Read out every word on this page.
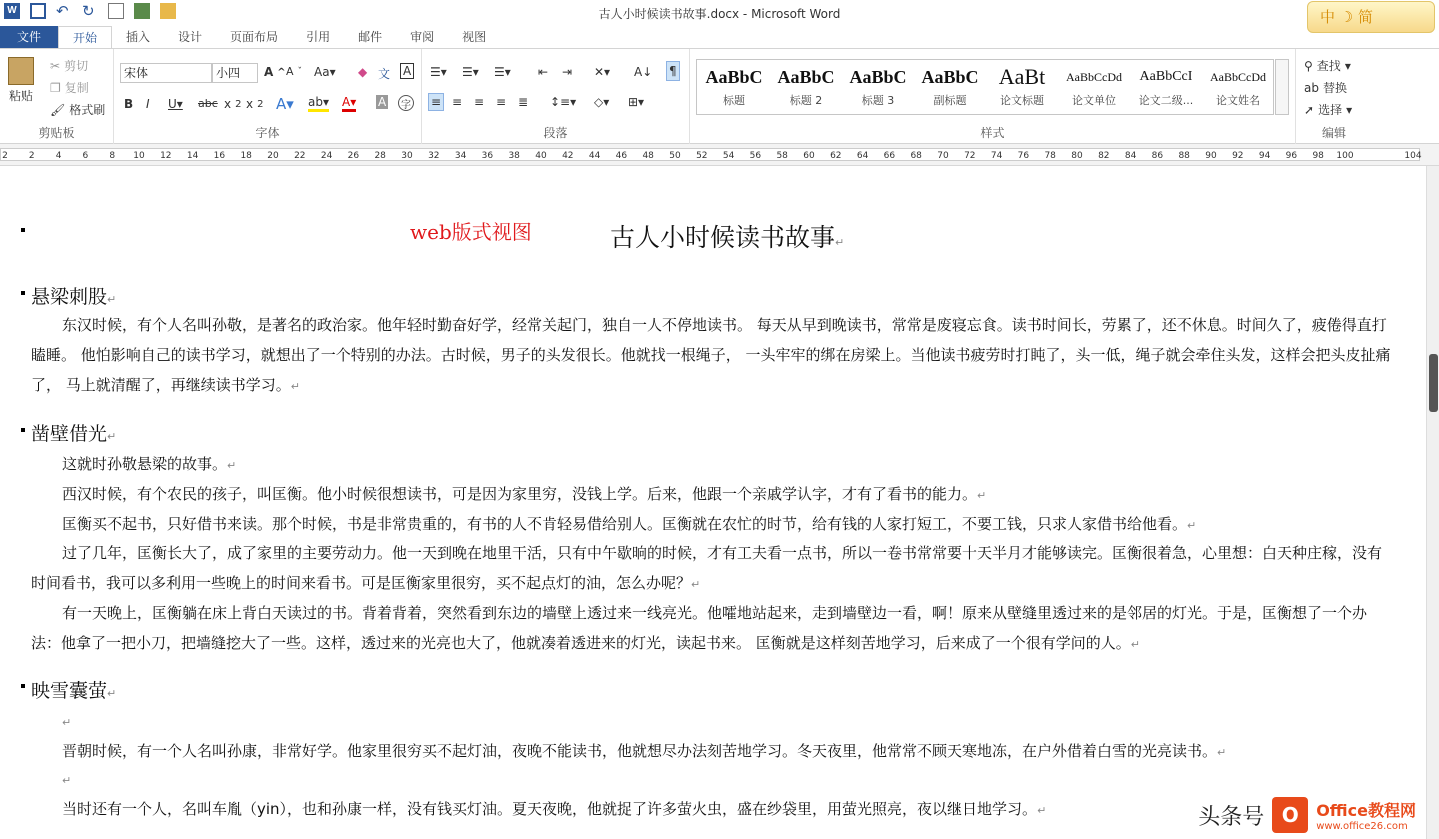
W	↶ ↻	古人小时候读书故事.docx - Microsoft Word	中 ☽ 简
文件	开始	插入	设计	页面布局	引用	邮件	审阅	视图
粘贴
✂ 剪切
❐ 复制
🖌 格式刷
剪贴板
宋体	小四	A ^ A ˇ Aa▾ ◆ 文 A
B I U▾ abc x 2 x 2 A▾ ab▾ A▾ A	字
字体
☰▾ ☰▾ ☰▾ ⇤ ⇥ ✕▾ A↓ ¶
≡ ≡ ≡ ≡ ≣ ↕≡▾ ◇▾ ⊞▾
段落
AaBbC
标题
AaBbC
标题 2
AaBbC
标题 3
AaBbC
副标题
AaBt
论文标题
AaBbCcDd
论文单位
AaBbCcI
论文二级...
AaBbCcDd
论文姓名
样式
⚲ 查找 ▾
ab 替换
➚ 选择 ▾
编辑
2 2 4 6 8 10 12 14 16 18 20 22 24 26 28 30 32 34 36 38 40 42 44 46 48 50 52 54 56 58 60 62 64 66 68 70 72 74 76 78 80 82 84 86 88 90 92 94 96 98 100	104
web版式视图	古人小时候读书故事↵
悬梁刺股↵
东汉时候，有个人名叫孙敬，是著名的政治家。他年轻时勤奋好学，经常关起门，独自一人不停地读书。 每天从早到晚读书，常常是废寝忘食。读书时间长，劳累了，还不休息。时间久了，疲倦得直打瞌睡。 他怕影响自己的读书学习，就想出了一个特别的办法。古时候，男子的头发很长。他就找一根绳子， 一头牢牢的绑在房梁上。当他读书疲劳时打盹了，头一低，绳子就会牵住头发，这样会把头皮扯痛了， 马上就清醒了，再继续读书学习。↵
凿壁借光↵
这就时孙敬悬梁的故事。↵
西汉时候，有个农民的孩子，叫匡衡。他小时候很想读书，可是因为家里穷，没钱上学。后来，他跟一个亲戚学认字，才有了看书的能力。↵
匡衡买不起书，只好借书来读。那个时候，书是非常贵重的，有书的人不肯轻易借给别人。匡衡就在农忙的时节，给有钱的人家打短工，不要工钱，只求人家借书给他看。↵
过了几年，匡衡长大了，成了家里的主要劳动力。他一天到晚在地里干活，只有中午歇晌的时候，才有工夫看一点书，所以一卷书常常要十天半月才能够读完。匡衡很着急，心里想：白天种庄稼，没有时间看书，我可以多利用一些晚上的时间来看书。可是匡衡家里很穷，买不起点灯的油，怎么办呢？↵
有一天晚上，匡衡躺在床上背白天读过的书。背着背着，突然看到东边的墙壁上透过来一线亮光。他嚯地站起来，走到墙壁边一看，啊！原来从壁缝里透过来的是邻居的灯光。于是，匡衡想了一个办法：他拿了一把小刀，把墙缝挖大了一些。这样，透过来的光亮也大了，他就凑着透进来的灯光，读起书来。 匡衡就是这样刻苦地学习，后来成了一个很有学问的人。↵
映雪囊萤↵
↵
晋朝时候，有一个人名叫孙康，非常好学。他家里很穷买不起灯油，夜晚不能读书，他就想尽办法刻苦地学习。冬天夜里，他常常不顾天寒地冻，在户外借着白雪的光亮读书。↵
↵
当时还有一个人，名叫车胤（yin），也和孙康一样，没有钱买灯油。夏天夜晚，他就捉了许多萤火虫，盛在纱袋里，用萤光照亮，夜以继日地学习。↵	头条号 O	Office教程网
www.office26.com
